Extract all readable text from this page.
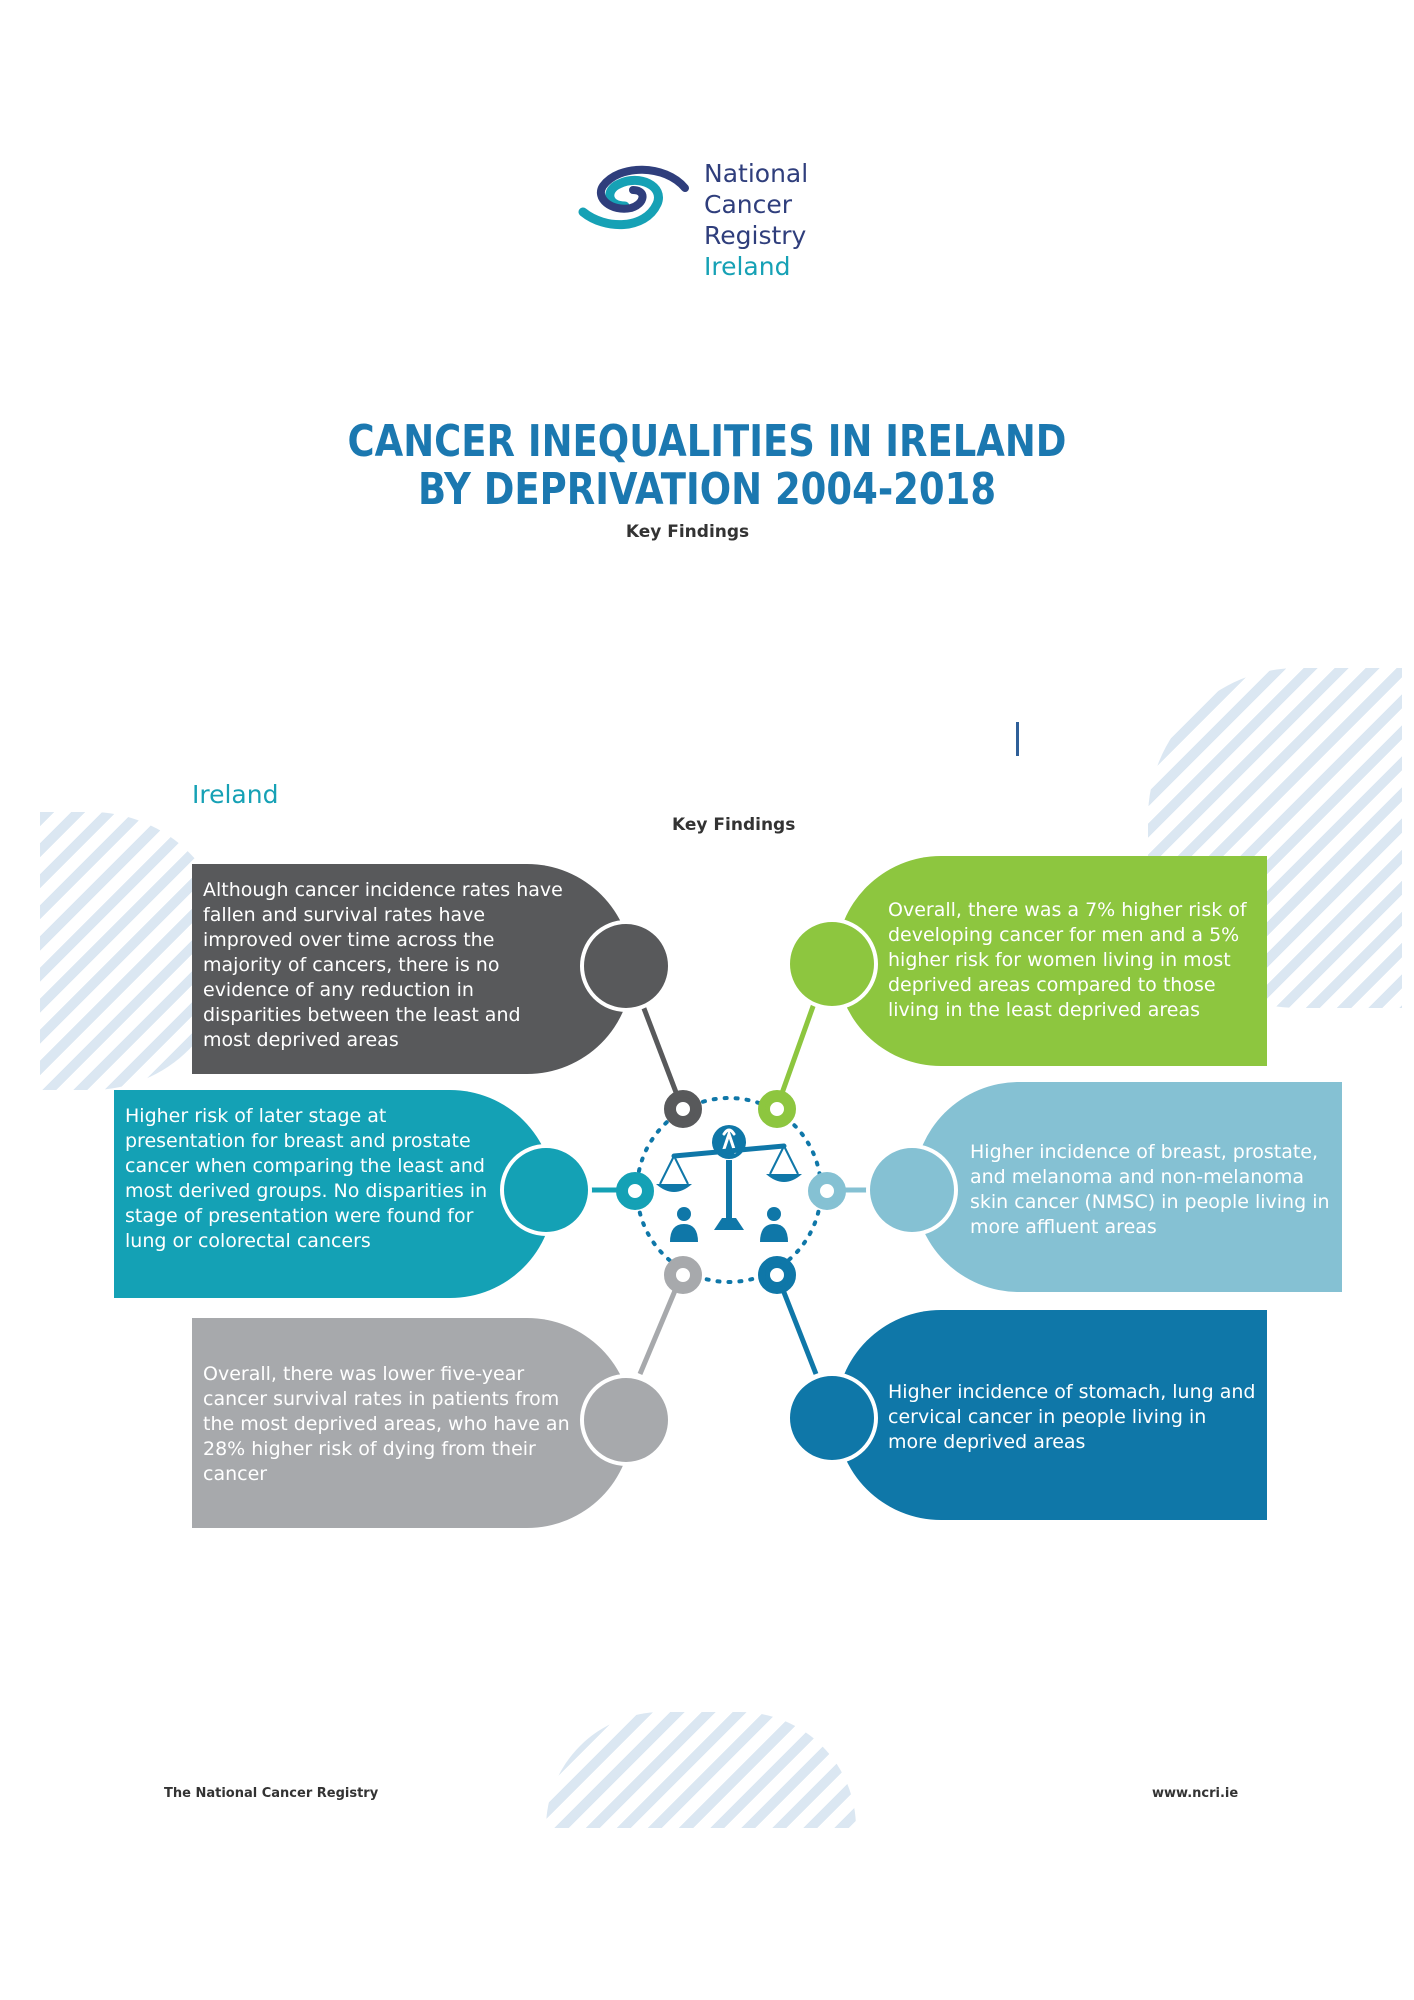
National
Cancer
Registry
Ireland
CANCER INEQUALITIES IN IRELAND
BY DEPRIVATION 2004-2018
Key Findings
Ireland
Key Findings
Although cancer incidence rates have fallen and survival rates have improved over time across the majority of cancers, there is no evidence of any reduction in disparities between the least and most deprived areas
Overall, there was a 7% higher risk of developing cancer for men and a 5% higher risk for women living in most deprived areas compared to those living in the least deprived areas
Higher risk of later stage at presentation for breast and prostate cancer when comparing the least and most derived groups. No disparities in stage of presentation were found for lung or colorectal cancers
Higher incidence of breast, prostate, and melanoma and non-melanoma skin cancer (NMSC) in people living in more affluent areas
Overall, there was lower five-year cancer survival rates in patients from the most deprived areas, who have an 28% higher risk of dying from their cancer
Higher incidence of stomach, lung and cervical cancer in people living in more deprived areas
The National Cancer Registry	www.ncri.ie
